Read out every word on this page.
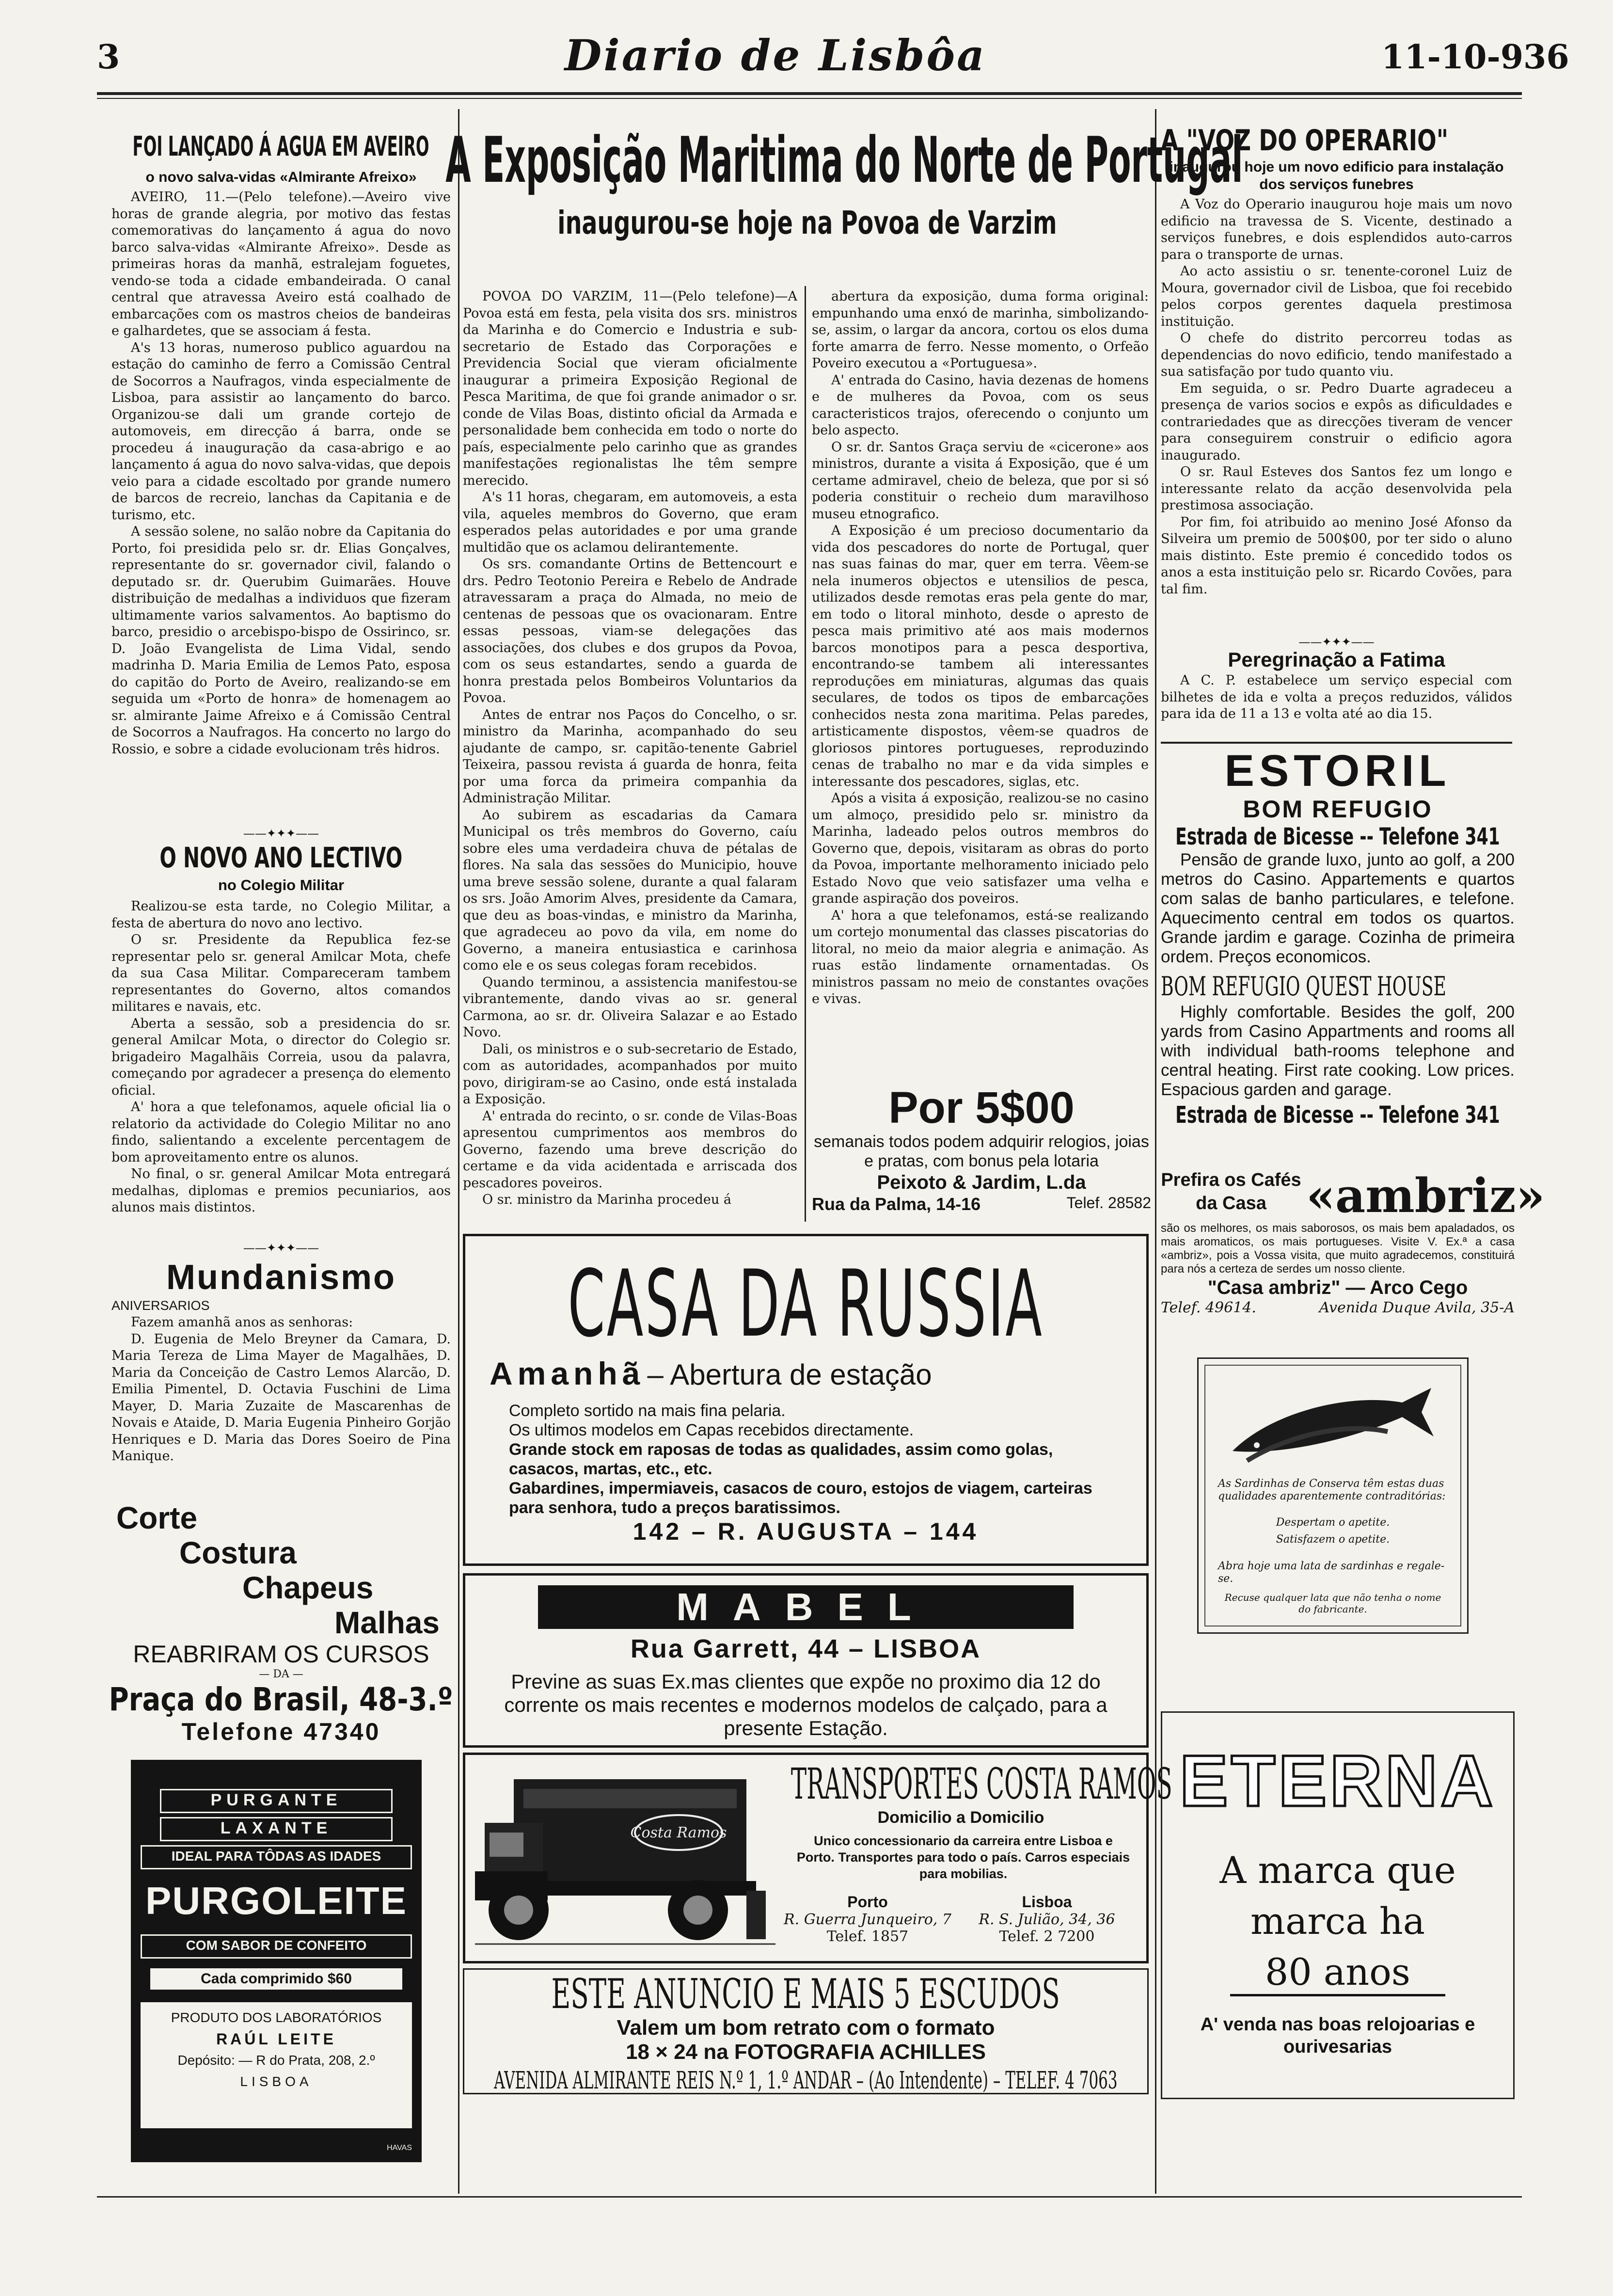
3	Diario de Lisbôa	11-10-936
FOI LANÇADO Á AGUA EM AVEIRO
o novo salva-vidas «Almirante Afreixo»

AVEIRO, 11.—(Pelo telefone).—Aveiro vive horas de grande alegria, por motivo das festas comemorativas do lançamento á agua do novo barco salva-vidas «Almirante Afreixo». Desde as primeiras horas da manhã, estralejam foguetes, vendo-se toda a cidade embandeirada. O canal central que atravessa Aveiro está coalhado de embarcações com os mastros cheios de bandeiras e galhardetes, que se associam á festa.

A's 13 horas, numeroso publico aguardou na estação do caminho de ferro a Comissão Central de Socorros a Naufragos, vinda especialmente de Lisboa, para assistir ao lançamento do barco. Organizou-se dali um grande cortejo de automoveis, em direcção á barra, onde se procedeu á inauguração da casa-abrigo e ao lançamento á agua do novo salva-vidas, que depois veio para a cidade escoltado por grande numero de barcos de recreio, lanchas da Capitania e de turismo, etc.

A sessão solene, no salão nobre da Capitania do Porto, foi presidida pelo sr. dr. Elias Gonçalves, representante do sr. governador civil, falando o deputado sr. dr. Querubim Guimarães. Houve distribuição de medalhas a individuos que fizeram ultimamente varios salvamentos. Ao baptismo do barco, presidio o arcebispo-bispo de Ossirinco, sr. D. João Evangelista de Lima Vidal, sendo madrinha D. Maria Emilia de Lemos Pato, esposa do capitão do Porto de Aveiro, realizando-se em seguida um «Porto de honra» de homenagem ao sr. almirante Jaime Afreixo e á Comissão Central de Socorros a Naufragos. Ha concerto no largo do Rossio, e sobre a cidade evolucionam três hidros.

——✦✦✦——
O NOVO ANO LECTIVO
no Colegio Militar

Realizou-se esta tarde, no Colegio Militar, a festa de abertura do novo ano lectivo.

O sr. Presidente da Republica fez-se representar pelo sr. general Amilcar Mota, chefe da sua Casa Militar. Compareceram tambem representantes do Governo, altos comandos militares e navais, etc.

Aberta a sessão, sob a presidencia do sr. general Amilcar Mota, o director do Colegio sr. brigadeiro Magalhãis Correia, usou da palavra, começando por agradecer a presença do elemento oficial.

A' hora a que telefonamos, aquele oficial lia o relatorio da actividade do Colegio Militar no ano findo, salientando a excelente percentagem de bom aproveitamento entre os alunos.

No final, o sr. general Amilcar Mota entregará medalhas, diplomas e premios pecuniarios, aos alunos mais distintos.

——✦✦✦——
Mundanismo
ANIVERSARIOS

Fazem amanhã anos as senhoras:

D. Eugenia de Melo Breyner da Camara, D. Maria Tereza de Lima Mayer de Magalhães, D. Maria da Conceição de Castro Lemos Alarcão, D. Emilia Pimentel, D. Octavia Fuschini de Lima Mayer, D. Maria Zuzaite de Mascarenhas de Novais e Ataide, D. Maria Eugenia Pinheiro Gorjão Henriques e D. Maria das Dores Soeiro de Pina Manique.

Corte
Costura
Chapeus
Malhas
REABRIRAM OS CURSOS
— DA —
Praça do Brasil, 48-3.º
Telefone 47340
PURGANTE
LAXANTE
IDEAL PARA TÔDAS AS IDADES
PURGOLEITE
COM SABOR DE CONFEITO
Cada comprimido $60
PRODUTO DOS LABORATÓRIOS
RAÚL LEITE
Depósito: — R do Prata, 208, 2.º
LISBOA
HAVAS
A Exposição Maritima do Norte de Portugal
inaugurou-se hoje na Povoa de Varzim

POVOA DO VARZIM, 11—(Pelo telefone)—A Povoa está em festa, pela visita dos srs. ministros da Marinha e do Comercio e Industria e sub-secretario de Estado das Corporações e Previdencia Social que vieram oficialmente inaugurar a primeira Exposição Regional de Pesca Maritima, de que foi grande animador o sr. conde de Vilas Boas, distinto oficial da Armada e personalidade bem conhecida em todo o norte do país, especialmente pelo carinho que as grandes manifestações regionalistas lhe têm sempre merecido.

A's 11 horas, chegaram, em automoveis, a esta vila, aqueles membros do Governo, que eram esperados pelas autoridades e por uma grande multidão que os aclamou delirantemente.

Os srs. comandante Ortins de Bettencourt e drs. Pedro Teotonio Pereira e Rebelo de Andrade atravessaram a praça do Almada, no meio de centenas de pessoas que os ovacionaram. Entre essas pessoas, viam-se delegações das associações, dos clubes e dos grupos da Povoa, com os seus estandartes, sendo a guarda de honra prestada pelos Bombeiros Voluntarios da Povoa.

Antes de entrar nos Paços do Concelho, o sr. ministro da Marinha, acompanhado do seu ajudante de campo, sr. capitão-tenente Gabriel Teixeira, passou revista á guarda de honra, feita por uma forca da primeira companhia da Administração Militar.

Ao subirem as escadarias da Camara Municipal os três membros do Governo, caíu sobre eles uma verdadeira chuva de pétalas de flores. Na sala das sessões do Municipio, houve uma breve sessão solene, durante a qual falaram os srs. João Amorim Alves, presidente da Camara, que deu as boas-vindas, e ministro da Marinha, que agradeceu ao povo da vila, em nome do Governo, a maneira entusiastica e carinhosa como ele e os seus colegas foram recebidos.

Quando terminou, a assistencia manifestou-se vibrantemente, dando vivas ao sr. general Carmona, ao sr. dr. Oliveira Salazar e ao Estado Novo.

Dali, os ministros e o sub-secretario de Estado, com as autoridades, acompanhados por muito povo, dirigiram-se ao Casino, onde está instalada a Exposição.

A' entrada do recinto, o sr. conde de Vilas-Boas apresentou cumprimentos aos membros do Governo, fazendo uma breve descrição do certame e da vida acidentada e arriscada dos pescadores poveiros.

O sr. ministro da Marinha procedeu á

abertura da exposição, duma forma original: empunhando uma enxó de marinha, simbolizando-se, assim, o largar da ancora, cortou os elos duma forte amarra de ferro. Nesse momento, o Orfeão Poveiro executou a «Portuguesa».

A' entrada do Casino, havia dezenas de homens e de mulheres da Povoa, com os seus caracteristicos trajos, oferecendo o conjunto um belo aspecto.

O sr. dr. Santos Graça serviu de «cicerone» aos ministros, durante a visita á Exposição, que é um certame admiravel, cheio de beleza, que por si só poderia constituir o recheio dum maravilhoso museu etnografico.

A Exposição é um precioso documentario da vida dos pescadores do norte de Portugal, quer nas suas fainas do mar, quer em terra. Vêem-se nela inumeros objectos e utensilios de pesca, utilizados desde remotas eras pela gente do mar, em todo o litoral minhoto, desde o apresto de pesca mais primitivo até aos mais modernos barcos monotipos para a pesca desportiva, encontrando-se tambem ali interessantes reproduções em miniaturas, algumas das quais seculares, de todos os tipos de embarcações conhecidos nesta zona maritima. Pelas paredes, artisticamente dispostos, vêem-se quadros de gloriosos pintores portugueses, reproduzindo cenas de trabalho no mar e da vida simples e interessante dos pescadores, siglas, etc.

Após a visita á exposição, realizou-se no casino um almoço, presidido pelo sr. ministro da Marinha, ladeado pelos outros membros do Governo que, depois, visitaram as obras do porto da Povoa, importante melhoramento iniciado pelo Estado Novo que veio satisfazer uma velha e grande aspiração dos poveiros.

A' hora a que telefonamos, está-se realizando um cortejo monumental das classes piscatorias do litoral, no meio da maior alegria e animação. As ruas estão lindamente ornamentadas. Os ministros passam no meio de constantes ovações e vivas.

Por 5$00
semanais todos podem adquirir relogios, joias e pratas, com bonus pela lotaria
Peixoto & Jardim, L.da
Rua da Palma, 14-16	Telef. 28582
CASA DA RUSSIA
Amanhã – Abertura de estação
Completo sortido na mais fina pelaria.
Os ultimos modelos em Capas recebidos directamente.
Grande stock em raposas de todas as qualidades, assim como golas, casacos, martas, etc., etc.
Gabardines, impermiaveis, casacos de couro, estojos de viagem, carteiras para senhora, tudo a preços baratissimos.
142 – R. AUGUSTA – 144
MABEL
Rua Garrett, 44 – LISBOA
Previne as suas Ex.mas clientes que expõe no proximo dia 12 do corrente os mais recentes e modernos modelos de calçado, para a presente Estação.
Costa Ramos
TRANSPORTES COSTA RAMOS
Domicilio a Domicilio
Unico concessionario da carreira entre Lisboa e Porto. Transportes para todo o país. Carros especiais para mobilias.
Porto
R. Guerra Junqueiro, 7
Telef. 1857
Lisboa
R. S. Julião, 34, 36
Telef. 2 7200
ESTE ANUNCIO E MAIS 5 ESCUDOS
Valem um bom retrato com o formato
18 × 24 na FOTOGRAFIA ACHILLES
AVENIDA ALMIRANTE REIS N.º 1, 1.º ANDAR – (Ao Intendente) – TELEF. 4 7063
A "VOZ DO OPERARIO"
inaugurou hoje um novo edificio para instalação dos serviços funebres

A Voz do Operario inaugurou hoje mais um novo edificio na travessa de S. Vicente, destinado a serviços funebres, e dois esplendidos auto-carros para o transporte de urnas.

Ao acto assistiu o sr. tenente-coronel Luiz de Moura, governador civil de Lisboa, que foi recebido pelos corpos gerentes daquela prestimosa instituição.

O chefe do distrito percorreu todas as dependencias do novo edificio, tendo manifestado a sua satisfação por tudo quanto viu.

Em seguida, o sr. Pedro Duarte agradeceu a presença de varios socios e expôs as dificuldades e contrariedades que as direcções tiveram de vencer para conseguirem construir o edificio agora inaugurado.

O sr. Raul Esteves dos Santos fez um longo e interessante relato da acção desenvolvida pela prestimosa associação.

Por fim, foi atribuido ao menino José Afonso da Silveira um premio de 500$00, por ter sido o aluno mais distinto. Este premio é concedido todos os anos a esta instituição pelo sr. Ricardo Covões, para tal fim.

——✦✦✦——
Peregrinação a Fatima

A C. P. estabelece um serviço especial com bilhetes de ida e volta a preços reduzidos, válidos para ida de 11 a 13 e volta até ao dia 15.

ESTORIL
BOM REFUGIO
Estrada de Bicesse -- Telefone 341
Pensão de grande luxo, junto ao golf, a 200 metros do Casino. Appartements e quartos com salas de banho particulares, e telefone. Aquecimento central em todos os quartos. Grande jardim e garage. Cozinha de primeira ordem. Preços economicos.
BOM REFUGIO QUEST HOUSE
Highly comfortable. Besides the golf, 200 yards from Casino Appartments and rooms all with individual bath-rooms telephone and central heating. First rate cooking. Low prices. Espacious garden and garage.
Estrada de Bicesse -- Telefone 341
Prefira os Cafés da Casa «ambriz»
são os melhores, os mais saborosos, os mais bem apaladados, os mais aromaticos, os mais portugueses. Visite V. Ex.ª a casa «ambriz», pois a Vossa visita, que muito agradecemos, constituirá para nós a certeza de serdes um nosso cliente.
"Casa ambriz" — Arco Cego
Telef. 49614.	Avenida Duque Avila, 35-A
As Sardinhas de Conserva têm estas duas qualidades aparentemente contraditórias:
Despertam o apetite.
Satisfazem o apetite.
Abra hoje uma lata de sardinhas e regale-se.
Recuse qualquer lata que não tenha o nome do fabricante.
ETERNA
A marca que
marca ha
80 anos
A' venda nas boas relojoarias e ourivesarias
